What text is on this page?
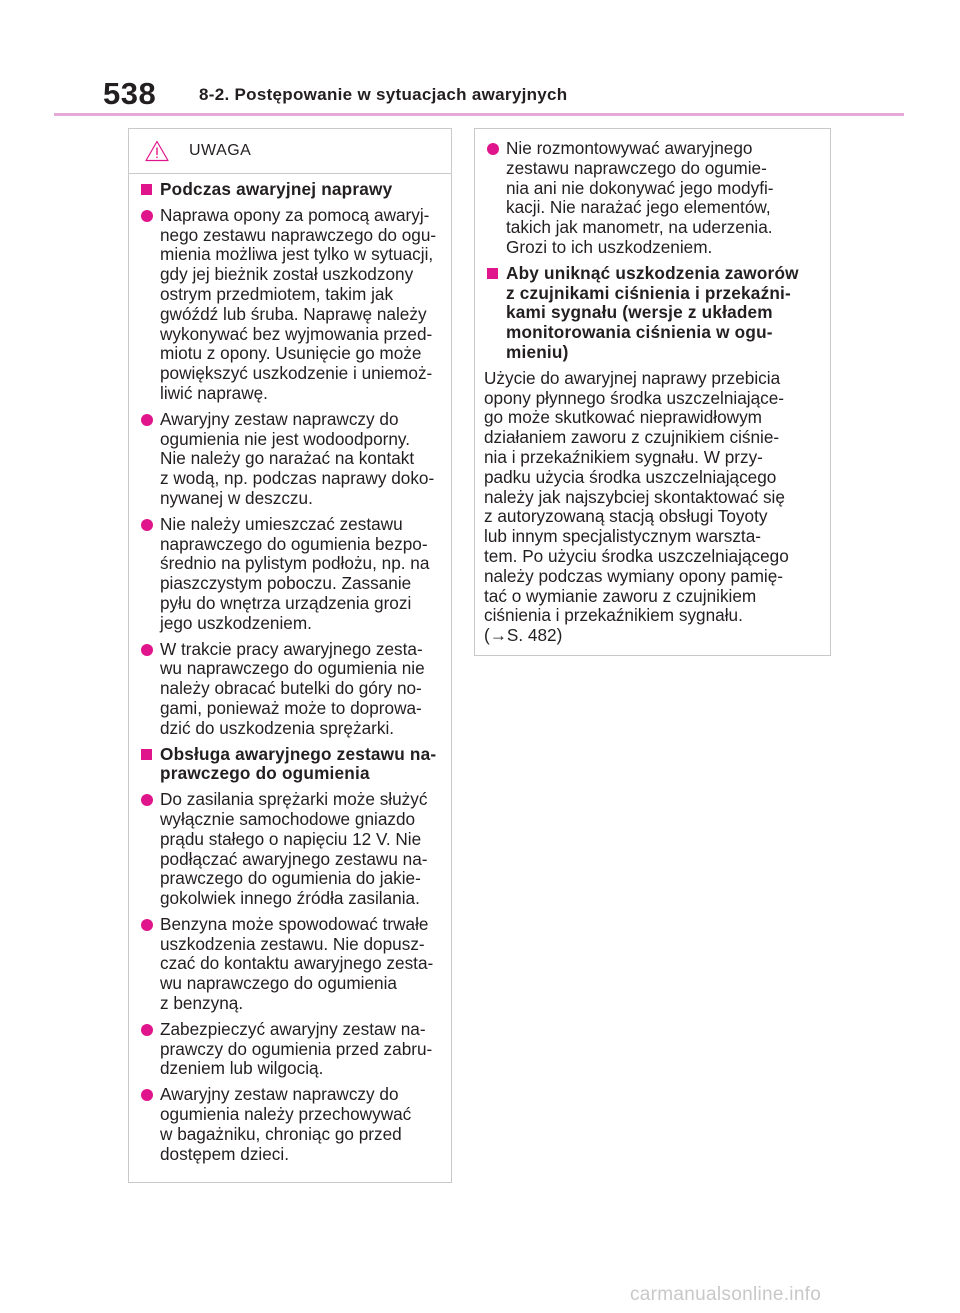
538	8-2. Postępowanie w sytuacjach awaryjnych
UWAGA
Podczas awaryjnej naprawy
Naprawa opony za pomocą awaryj-
nego zestawu naprawczego do ogu-
mienia możliwa jest tylko w sytuacji,
gdy jej bieżnik został uszkodzony
ostrym przedmiotem, takim jak
gwóźdź lub śruba. Naprawę należy
wykonywać bez wyjmowania przed-
miotu z opony. Usunięcie go może
powiększyć uszkodzenie i uniemoż-
liwić naprawę.
Awaryjny zestaw naprawczy do
ogumienia nie jest wodoodporny.
Nie należy go narażać na kontakt
z wodą, np. podczas naprawy doko-
nywanej w deszczu.
Nie należy umieszczać zestawu
naprawczego do ogumienia bezpo-
średnio na pylistym podłożu, np. na
piaszczystym poboczu. Zassanie
pyłu do wnętrza urządzenia grozi
jego uszkodzeniem.
W trakcie pracy awaryjnego zesta-
wu naprawczego do ogumienia nie
należy obracać butelki do góry no-
gami, ponieważ może to doprowa-
dzić do uszkodzenia sprężarki.
Obsługa awaryjnego zestawu na-
prawczego do ogumienia
Do zasilania sprężarki może służyć
wyłącznie samochodowe gniazdo
prądu stałego o napięciu 12 V. Nie
podłączać awaryjnego zestawu na-
prawczego do ogumienia do jakie-
gokolwiek innego źródła zasilania.
Benzyna może spowodować trwałe
uszkodzenia zestawu. Nie dopusz-
czać do kontaktu awaryjnego zesta-
wu naprawczego do ogumienia
z benzyną.
Zabezpieczyć awaryjny zestaw na-
prawczy do ogumienia przed zabru-
dzeniem lub wilgocią.
Awaryjny zestaw naprawczy do
ogumienia należy przechowywać
w bagażniku, chroniąc go przed
dostępem dzieci.
Nie rozmontowywać awaryjnego
zestawu naprawczego do ogumie-
nia ani nie dokonywać jego modyfi-
kacji. Nie narażać jego elementów,
takich jak manometr, na uderzenia.
Grozi to ich uszkodzeniem.
Aby uniknąć uszkodzenia zaworów
z czujnikami ciśnienia i przekaźni-
kami sygnału (wersje z układem
monitorowania ciśnienia w ogu-
mieniu)
Użycie do awaryjnej naprawy przebicia
opony płynnego środka uszczelniające-
go może skutkować nieprawidłowym
działaniem zaworu z czujnikiem ciśnie-
nia i przekaźnikiem sygnału. W przy-
padku użycia środka uszczelniającego
należy jak najszybciej skontaktować się
z autoryzowaną stacją obsługi Toyoty
lub innym specjalistycznym warszta-
tem. Po użyciu środka uszczelniającego
należy podczas wymiany opony pamię-
tać o wymianie zaworu z czujnikiem
ciśnienia i przekaźnikiem sygnału.
(→S. 482)
carmanualsonline.info
